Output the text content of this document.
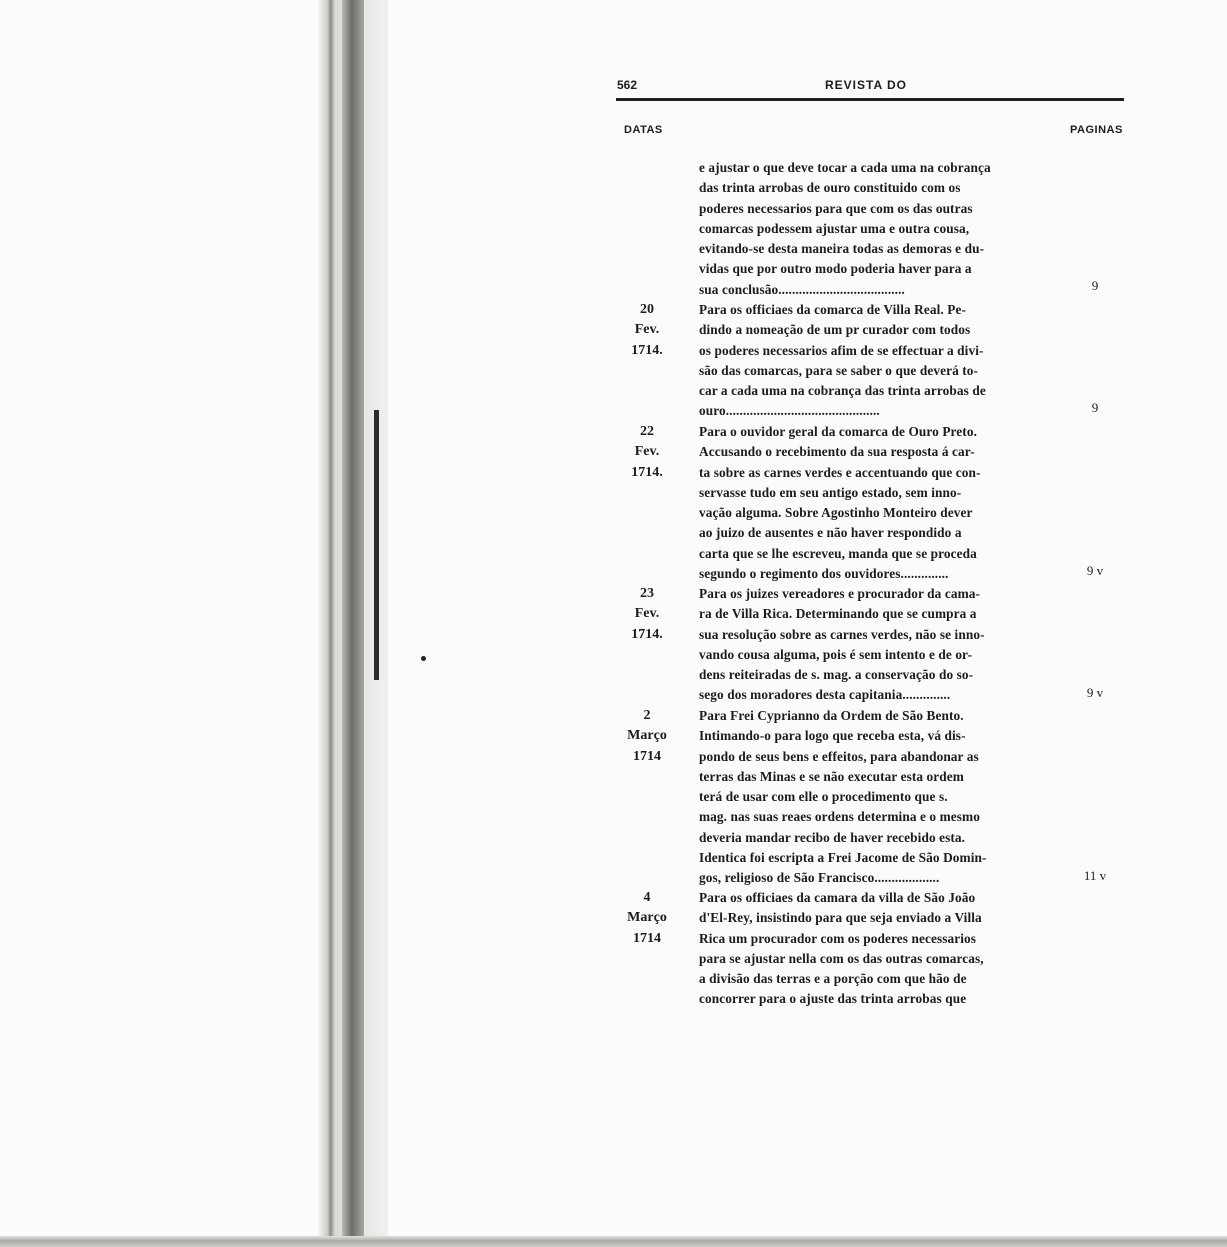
562	REVISTA DO
DATAS	PAGINAS
e ajustar o que deve tocar a cada uma na cobrança
das trinta arrobas de ouro constituido com os
poderes necessarios para que com os das outras
comarcas podessem ajustar uma e outra cousa,
evitando-se desta maneira todas as demoras e du-
vidas que por outro modo poderia haver para a
sua conclusão.....................................	9
20
Fev.
1714.
Para os officiaes da comarca de Villa Real. Pe-
dindo a nomeação de um pr curador com todos
os poderes necessarios afim de se effectuar a divi-
são das comarcas, para se saber o que deverá to-
car a cada uma na cobrança das trinta arrobas de
ouro.............................................	9
22
Fev.
1714.
Para o ouvidor geral da comarca de Ouro Preto.
Accusando o recebimento da sua resposta á car-
ta sobre as carnes verdes e accentuando que con-
servasse tudo em seu antigo estado, sem inno-
vação alguma. Sobre Agostinho Monteiro dever
ao juizo de ausentes e não haver respondido a
carta que se lhe escreveu, manda que se proceda
segundo o regimento dos ouvidores..............	9 v
23
Fev.
1714.
Para os juizes vereadores e procurador da cama-
ra de Villa Rica. Determinando que se cumpra a
sua resolução sobre as carnes verdes, não se inno-
vando cousa alguma, pois é sem intento e de or-
dens reiteiradas de s. mag. a conservação do so-
sego dos moradores desta capitania..............	9 v
2
Março
1714
Para Frei Cyprianno da Ordem de São Bento.
Intimando-o para logo que receba esta, vá dis-
pondo de seus bens e effeitos, para abandonar as
terras das Minas e se não executar esta ordem
terá de usar com elle o procedimento que s.
mag. nas suas reaes ordens determina e o mesmo
deveria mandar recibo de haver recebido esta.
Identica foi escripta a Frei Jacome de São Domin-
gos, religioso de São Francisco...................	11 v
4
Março
1714
Para os officiaes da camara da villa de São João
d'El-Rey, insistindo para que seja enviado a Villa
Rica um procurador com os poderes necessarios
para se ajustar nella com os das outras comarcas,
a divisão das terras e a porção com que hão de
concorrer para o ajuste das trinta arrobas que
